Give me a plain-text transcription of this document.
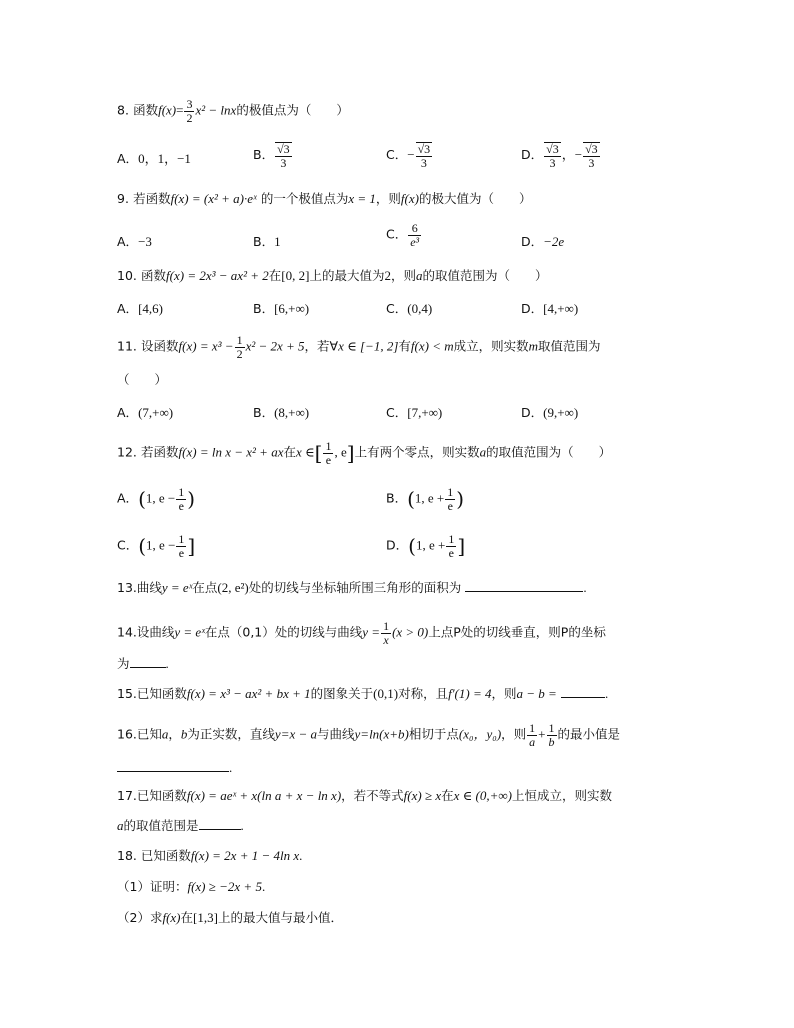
8. 函数$f(x)= \frac{3}{2} x^2 - \ln x$的极值点为（　　）
A．0，1，−1	B． $\frac{√3}{3}$	C．− $\frac{√3}{3}$	D． $\frac{√3}{3}$ ，− $\frac{√3}{3}$
9. 若函数f(x) = (x² + a)·eˣ 的一个极值点为x = 1，则f(x)的极大值为（　　）
A．−3	B．1	C． $\frac{6}{\text{e³}}$	D．−2e
10. 函数f(x) = 2x³ − ax² + 2在[0, 2]上的最大值为2，则a的取值范围为（　　）
A．[4,6)	B．[6,+∞)	C．(0,4)	D．[4,+∞)
11. 设函数$f(x) = x^3 - \frac{1}{2} x^2 - 2x + 5$，若∀x ∈ [−1, 2]有f(x) < m成立，则实数m取值范围为
（　　）
A．(7,+∞)	B．(8,+∞)	C．[7,+∞)	D．(9,+∞)
12. 若函数f(x) = ln x − x² + ax在x ∈[ $\frac{1}{e}$ , e]上有两个零点，则实数a的取值范围为（　　）
A．(1, $e - \frac{1}{e}$ )	B．(1, $e + \frac{1}{e}$ )
C．(1, $e - \frac{1}{e}$ ]	D．(1, $e + \frac{1}{e}$ ]
13.曲线y = eˣ在点(2, e²)处的切线与坐标轴所围三角形的面积为	.
14.设曲线y = eˣ在点（0,1）处的切线与曲线$y = \frac{1}{x} (x > 0)$上点P处的切线垂直，则P的坐标
为	.
15.已知函数f(x) = x³ − ax² + bx + 1的图象关于(0,1)对称，且f′(1) = 4，则a − b =	.
16.已知a，b为正实数，直线y=x − a与曲线y=ln(x+b)相切于点(x₀，y₀)，则 $\frac{1}{a} + \frac{1}{b}$ 的最小值是
.
17.已知函数f(x) = aeˣ + x(ln a + x − ln x)，若不等式f(x) ≥ x在x ∈ (0,+∞)上恒成立，则实数
a的取值范围是	.
18. 已知函数f(x) = 2x + 1 − 4ln x.
（1）证明：f(x) ≥ −2x + 5.
（2）求f(x)在[1,3]上的最大值与最小值．
